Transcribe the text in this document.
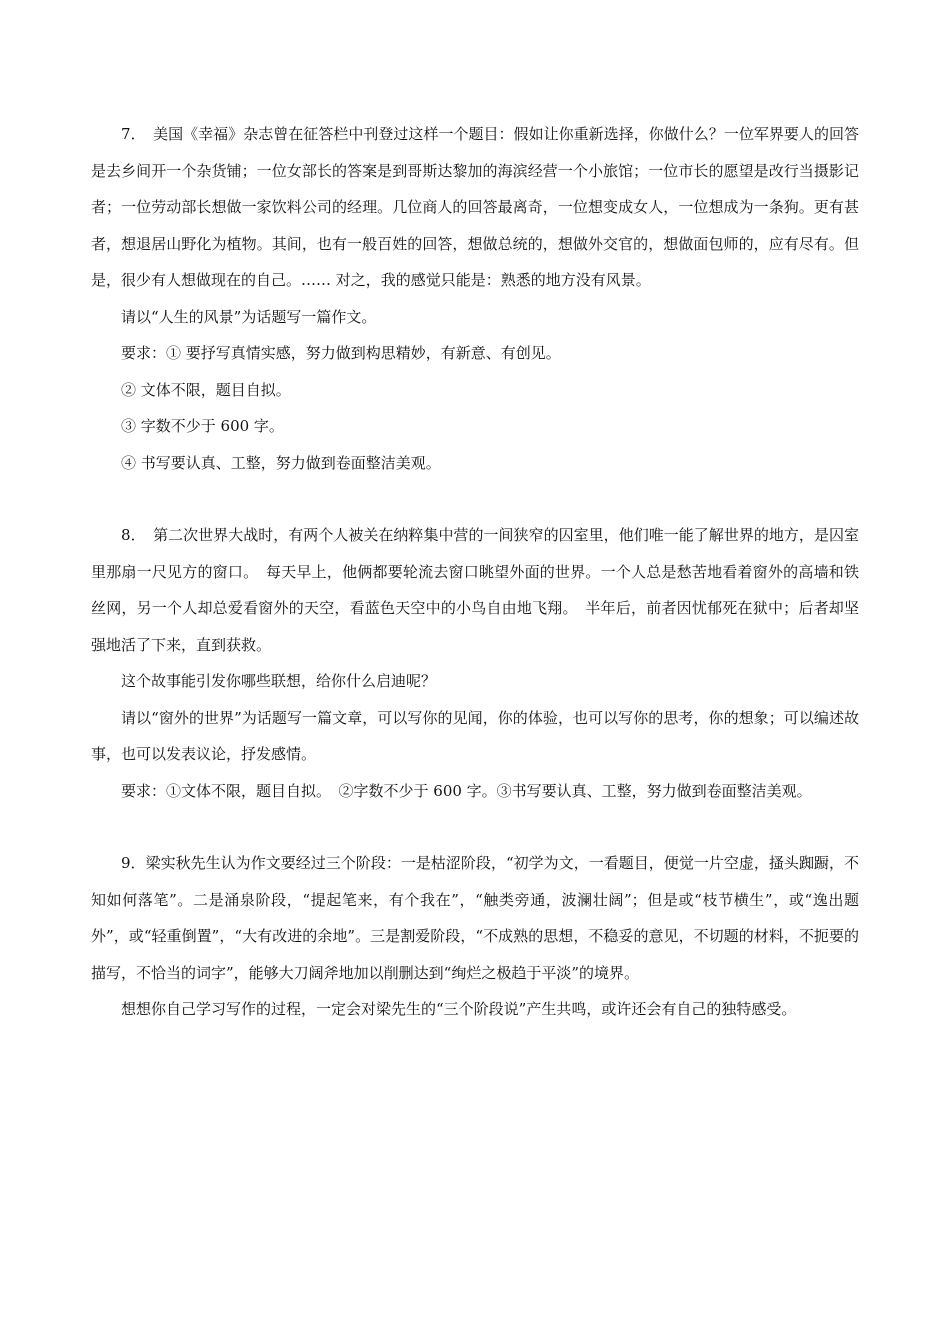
7．　美国《幸福》杂志曾在征答栏中刊登过这样一个题目：假如让你重新选择，你做什么？一位军界要人的回答是去乡间开一个杂货铺；一位女部长的答案是到哥斯达黎加的海滨经营一个小旅馆；一位市长的愿望是改行当摄影记者；一位劳动部长想做一家饮料公司的经理。几位商人的回答最离奇，一位想变成女人，一位想成为一条狗。更有甚者，想退居山野化为植物。其间，也有一般百姓的回答，想做总统的，想做外交官的，想做面包师的，应有尽有。但是，很少有人想做现在的自己。…… 对之，我的感觉只能是：熟悉的地方没有风景。

请以“人生的风景”为话题写一篇作文。

要求：① 要抒写真情实感，努力做到构思精妙，有新意、有创见。

② 文体不限，题目自拟。

③ 字数不少于 600 字。

④ 书写要认真、工整，努力做到卷面整洁美观。

8．　第二次世界大战时，有两个人被关在纳粹集中营的一间狭窄的囚室里，他们唯一能了解世界的地方，是囚室里那扇一尺见方的窗口。　每天早上，他俩都要轮流去窗口眺望外面的世界。一个人总是愁苦地看着窗外的高墙和铁丝网，另一个人却总爱看窗外的天空，看蓝色天空中的小鸟自由地飞翔。　半年后，前者因忧郁死在狱中；后者却坚强地活了下来，直到获救。

这个故事能引发你哪些联想，给你什么启迪呢？

请以“窗外的世界”为话题写一篇文章，可以写你的见闻，你的体验，也可以写你的思考，你的想象；可以编述故事，也可以发表议论，抒发感情。

要求：①文体不限，题目自拟。　②字数不少于 600 字。③书写要认真、工整，努力做到卷面整洁美观。

9．梁实秋先生认为作文要经过三个阶段：一是枯涩阶段，“初学为文，一看题目，便觉一片空虚，搔头踟蹰，不知如何落笔”。二是涌泉阶段，“提起笔来，有个我在”，“触类旁通，波澜壮阔”；但是或“枝节横生”，或“逸出题外”，或“轻重倒置”，“大有改进的余地”。三是割爱阶段，“不成熟的思想，不稳妥的意见，不切题的材料，不扼要的描写，不恰当的词字”，能够大刀阔斧地加以削删达到“绚烂之极趋于平淡”的境界。

想想你自己学习写作的过程，一定会对梁先生的“三个阶段说”产生共鸣，或许还会有自己的独特感受。
